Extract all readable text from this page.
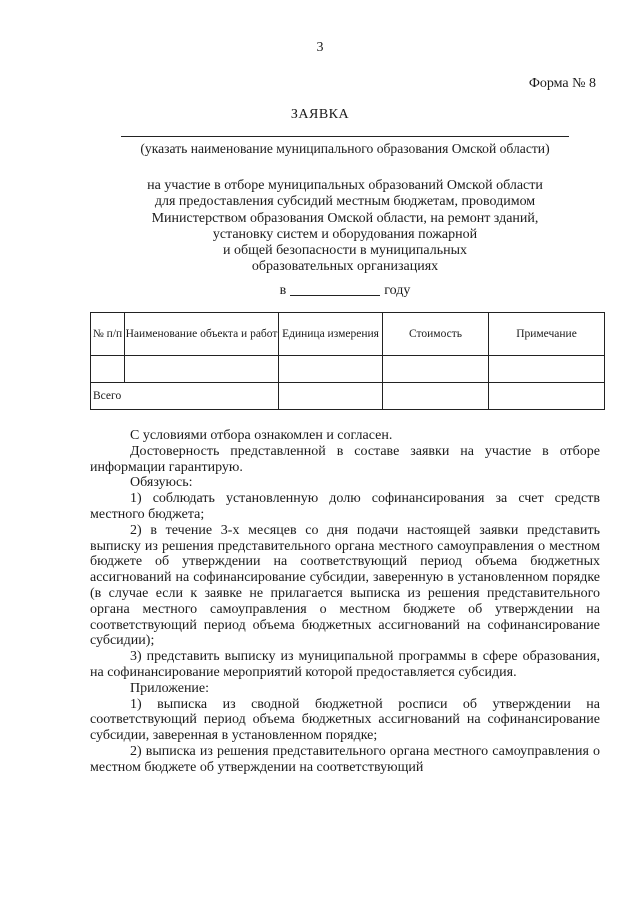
3
Форма № 8
ЗАЯВКА
(указать наименование муниципального образования Омской области)
на участие в отборе муниципальных образований Омской области
для предоставления субсидий местным бюджетам, проводимом
Министерством образования Омской области, на ремонт зданий,
установку систем и оборудования пожарной
и общей безопасности в муниципальных
образовательных организациях
в	году
№ п/п	Наименование объекта и работ	Единица измерения	Стоимость	Примечание

Всего				

С условиями отбора ознакомлен и согласен.

Достоверность представленной в составе заявки на участие в отборе информации гарантирую.

Обязуюсь:

1) соблюдать установленную долю софинансирования за счет средств местного бюджета;

2) в течение 3-х месяцев со дня подачи настоящей заявки представить выписку из решения представительного органа местного самоуправления о местном бюджете об утверждении на соответствующий период объема бюджетных ассигнований на софинансирование субсидии, заверенную в установленном порядке (в случае если к заявке не прилагается выписка из решения представительного органа местного самоуправления о местном бюджете об утверждении на соответствующий период объема бюджетных ассигнований на софинансирование субсидии);

3) представить выписку из муниципальной программы в сфере образования, на софинансирование мероприятий которой предоставляется субсидия.

Приложение:

1) выписка из сводной бюджетной росписи об утверждении на соответствующий период объема бюджетных ассигнований на софинансирование субсидии, заверенная в установленном порядке;

2) выписка из решения представительного органа местного самоуправления о местном бюджете об утверждении на соответствующий
